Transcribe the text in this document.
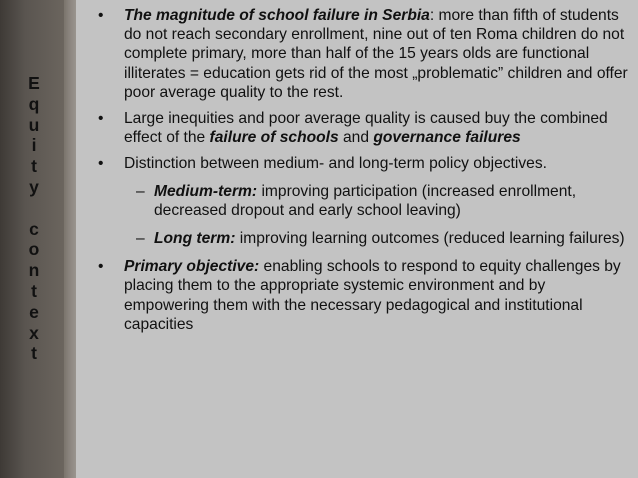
E
q
u
i
t
y
c
o
n
t
e
x
t
• The magnitude of school failure in Serbia: more than fifth of students do not reach secondary enrollment, nine out of ten Roma children do not complete primary, more than half of the 15 years olds are functional illiterates = education gets rid of the most „problematic” children and offer poor average quality to the rest.
• Large inequities and poor average quality is caused buy the combined effect of the failure of schools and governance failures
• Distinction between medium- and long-term policy objectives.
– Medium-term: improving participation (increased enrollment, decreased dropout and early school leaving)
– Long term: improving learning outcomes (reduced learning failures)
• Primary objective: enabling schools to respond to equity challenges by placing them to the appropriate systemic environment and by empowering them with the necessary pedagogical and institutional capacities
